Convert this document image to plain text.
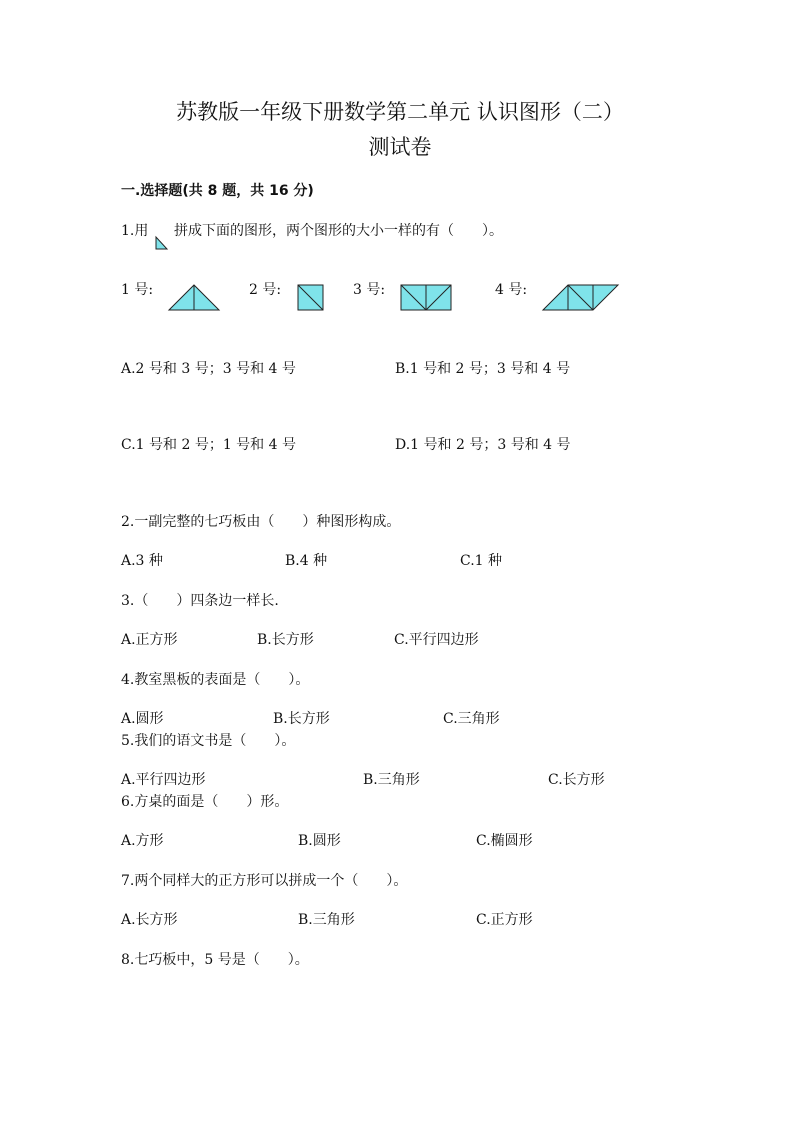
苏教版一年级下册数学第二单元 认识图形（二）
测试卷
一.选择题(共 8 题，共 16 分)
1.用 拼成下面的图形，两个图形的大小一样的有（　　）。
1 号:	2 号:	3 号:	4 号:
A.2 号和 3 号；3 号和 4 号	B.1 号和 2 号；3 号和 4 号
C.1 号和 2 号；1 号和 4 号	D.1 号和 2 号；3 号和 4 号
2.一副完整的七巧板由（　　）种图形构成。
A.3 种	B.4 种	C.1 种
3.（　　）四条边一样长.
A.正方形	B.长方形	C.平行四边形
4.教室黑板的表面是（　　）。
A.圆形	B.长方形	C.三角形
5.我们的语文书是（　　）。
A.平行四边形	B.三角形	C.长方形
6.方桌的面是（　　）形。
A.方形	B.圆形	C.椭圆形
7.两个同样大的正方形可以拼成一个（　　）。
A.长方形	B.三角形	C.正方形
8.七巧板中，5 号是（　　）。
